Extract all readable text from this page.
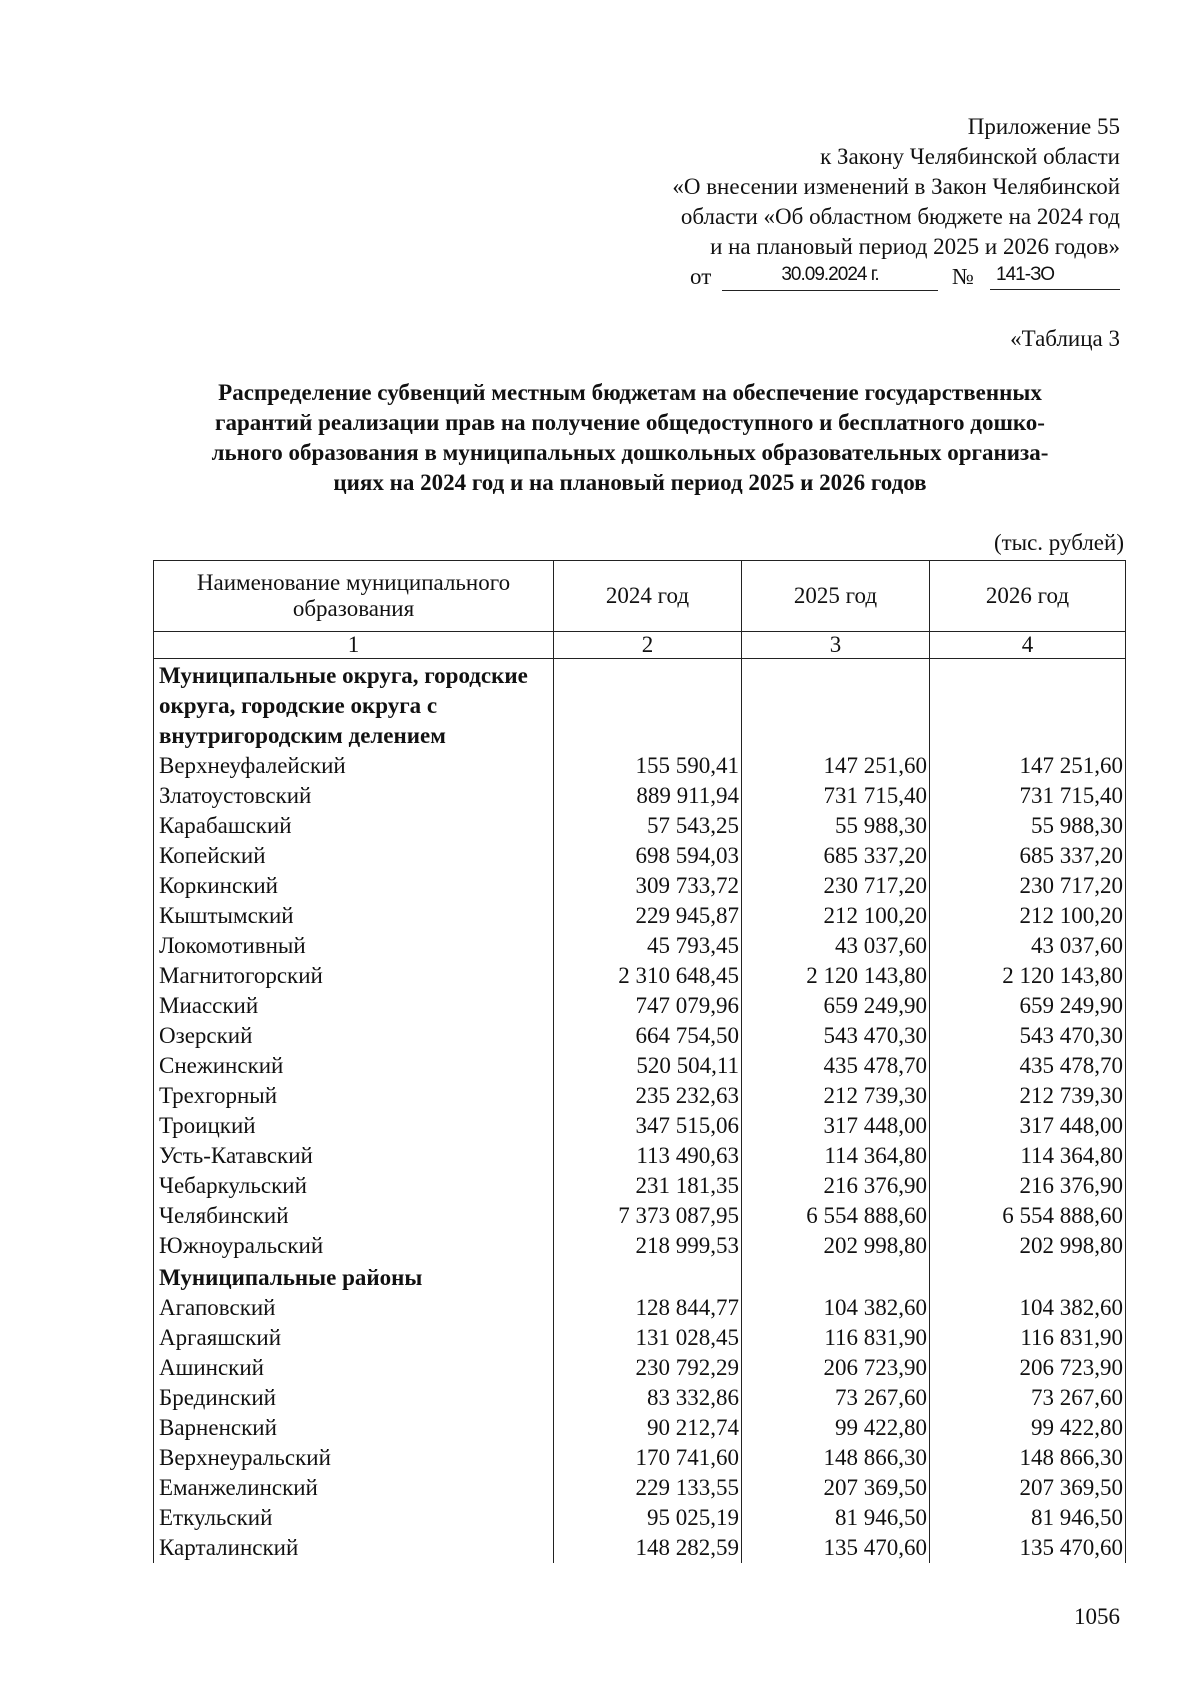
Приложение 55
к Закону Челябинской области
«О внесении изменений в Закон Челябинской
области «Об областном бюджете на 2024 год
и на плановый период 2025 и 2026 годов»
от	30.09.2024 г.	№	141-ЗО
«Таблица 3
Распределение субвенций местным бюджетам на обеспечение государственных
гарантий реализации прав на получение общедоступного и бесплатного дошко-
льного образования в муниципальных дошкольных образовательных организа-
циях на 2024 год и на плановый период 2025 и 2026 годов
(тыс. рублей)
Наименование муниципального образования	2024 год	2025 год	2026 год
1	2	3	4
Муниципальные округа, городские округа, городские округа с внутригородским делением			
Верхнеуфалейский	155 590,41	147 251,60	147 251,60
Златоустовский	889 911,94	731 715,40	731 715,40
Карабашский	57 543,25	55 988,30	55 988,30
Копейский	698 594,03	685 337,20	685 337,20
Коркинский	309 733,72	230 717,20	230 717,20
Кыштымский	229 945,87	212 100,20	212 100,20
Локомотивный	45 793,45	43 037,60	43 037,60
Магнитогорский	2 310 648,45	2 120 143,80	2 120 143,80
Миасский	747 079,96	659 249,90	659 249,90
Озерский	664 754,50	543 470,30	543 470,30
Снежинский	520 504,11	435 478,70	435 478,70
Трехгорный	235 232,63	212 739,30	212 739,30
Троицкий	347 515,06	317 448,00	317 448,00
Усть-Катавский	113 490,63	114 364,80	114 364,80
Чебаркульский	231 181,35	216 376,90	216 376,90
Челябинский	7 373 087,95	6 554 888,60	6 554 888,60
Южноуральский	218 999,53	202 998,80	202 998,80
Муниципальные районы			
Агаповский	128 844,77	104 382,60	104 382,60
Аргаяшский	131 028,45	116 831,90	116 831,90
Ашинский	230 792,29	206 723,90	206 723,90
Брединский	83 332,86	73 267,60	73 267,60
Варненский	90 212,74	99 422,80	99 422,80
Верхнеуральский	170 741,60	148 866,30	148 866,30
Еманжелинский	229 133,55	207 369,50	207 369,50
Еткульский	95 025,19	81 946,50	81 946,50
Карталинский	148 282,59	135 470,60	135 470,60
1056
